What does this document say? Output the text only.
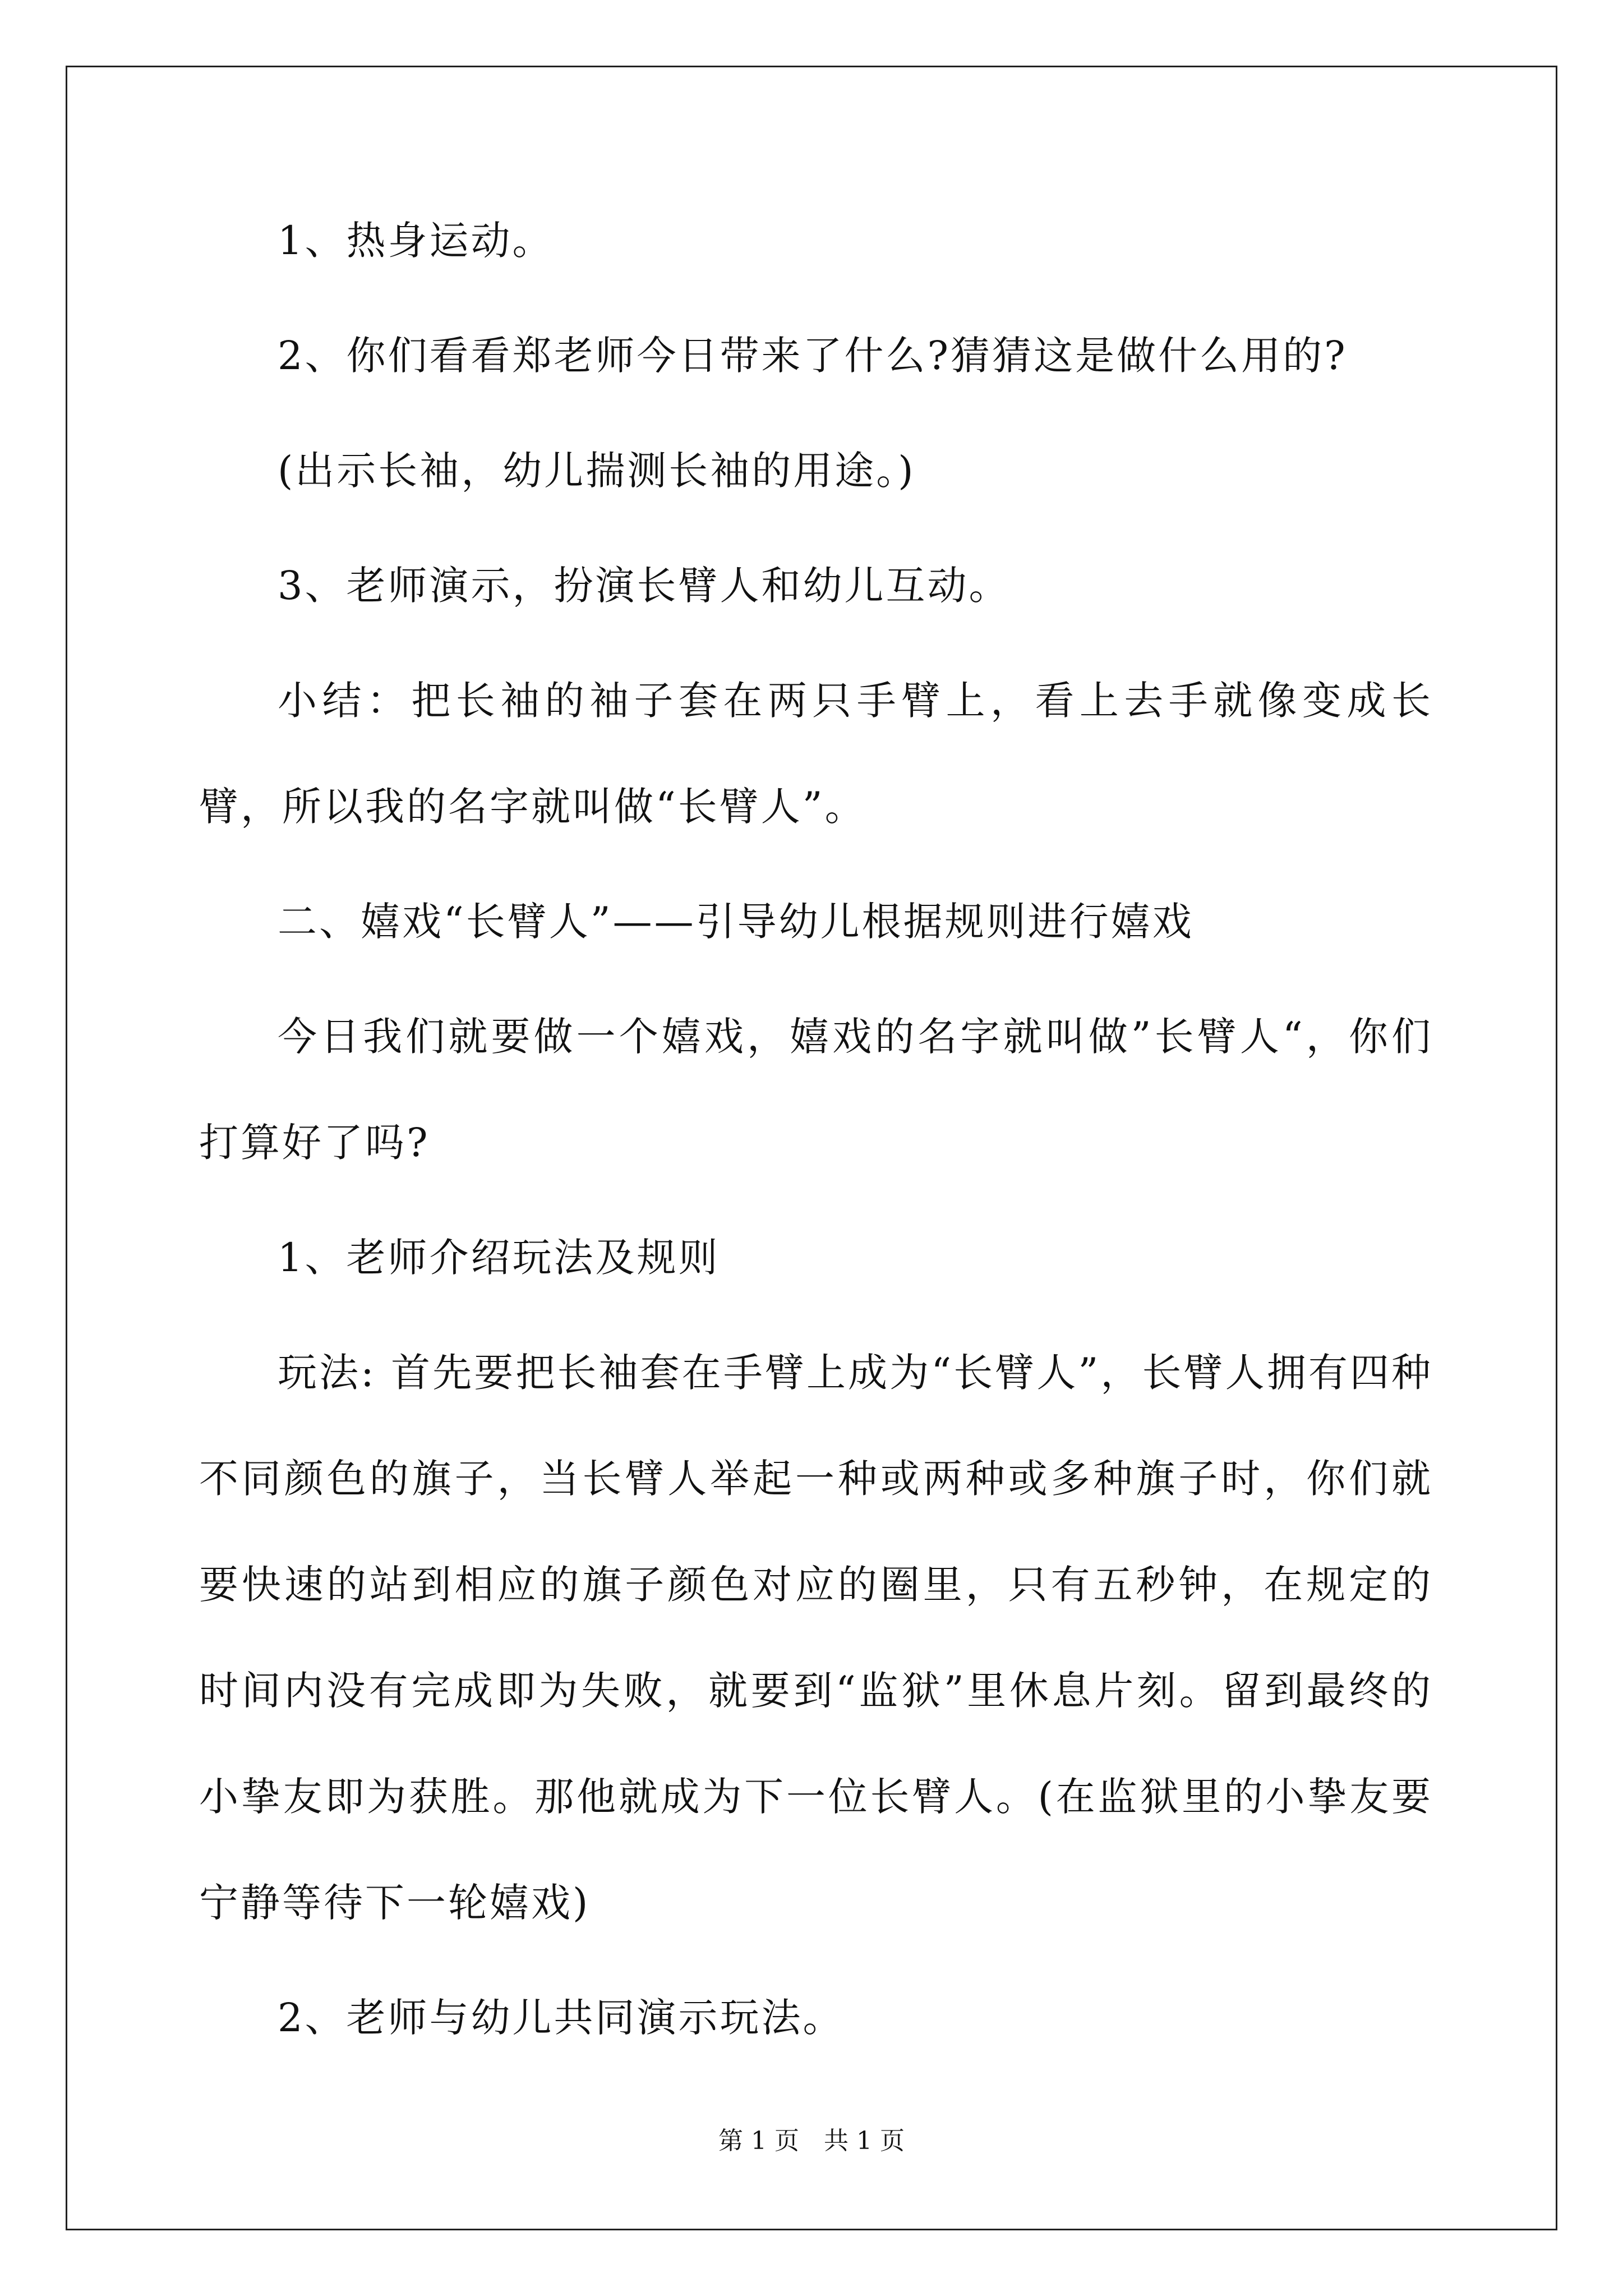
1、热身运动。

2、你们看看郑老师今日带来了什么?猜猜这是做什么用的?

(出示长袖，幼儿揣测长袖的用途。)

3、老师演示，扮演长臂人和幼儿互动。

小结：把长袖的袖子套在两只手臂上，看上去手就像变成长臂，所以我的名字就叫做“长臂人”。

二、嬉戏“长臂人”——引导幼儿根据规则进行嬉戏

今日我们就要做一个嬉戏，嬉戏的名字就叫做”长臂人“，你们打算好了吗?

1、老师介绍玩法及规则

玩法: 首先要把长袖套在手臂上成为“长臂人”，长臂人拥有四种不同颜色的旗子，当长臂人举起一种或两种或多种旗子时，你们就要快速的站到相应的旗子颜色对应的圈里，只有五秒钟，在规定的时间内没有完成即为失败，就要到“监狱”里休息片刻。留到最终的小挚友即为获胜。那他就成为下一位长臂人。(在监狱里的小挚友要宁静等待下一轮嬉戏)

2、老师与幼儿共同演示玩法。

第 1 页　共 1 页
